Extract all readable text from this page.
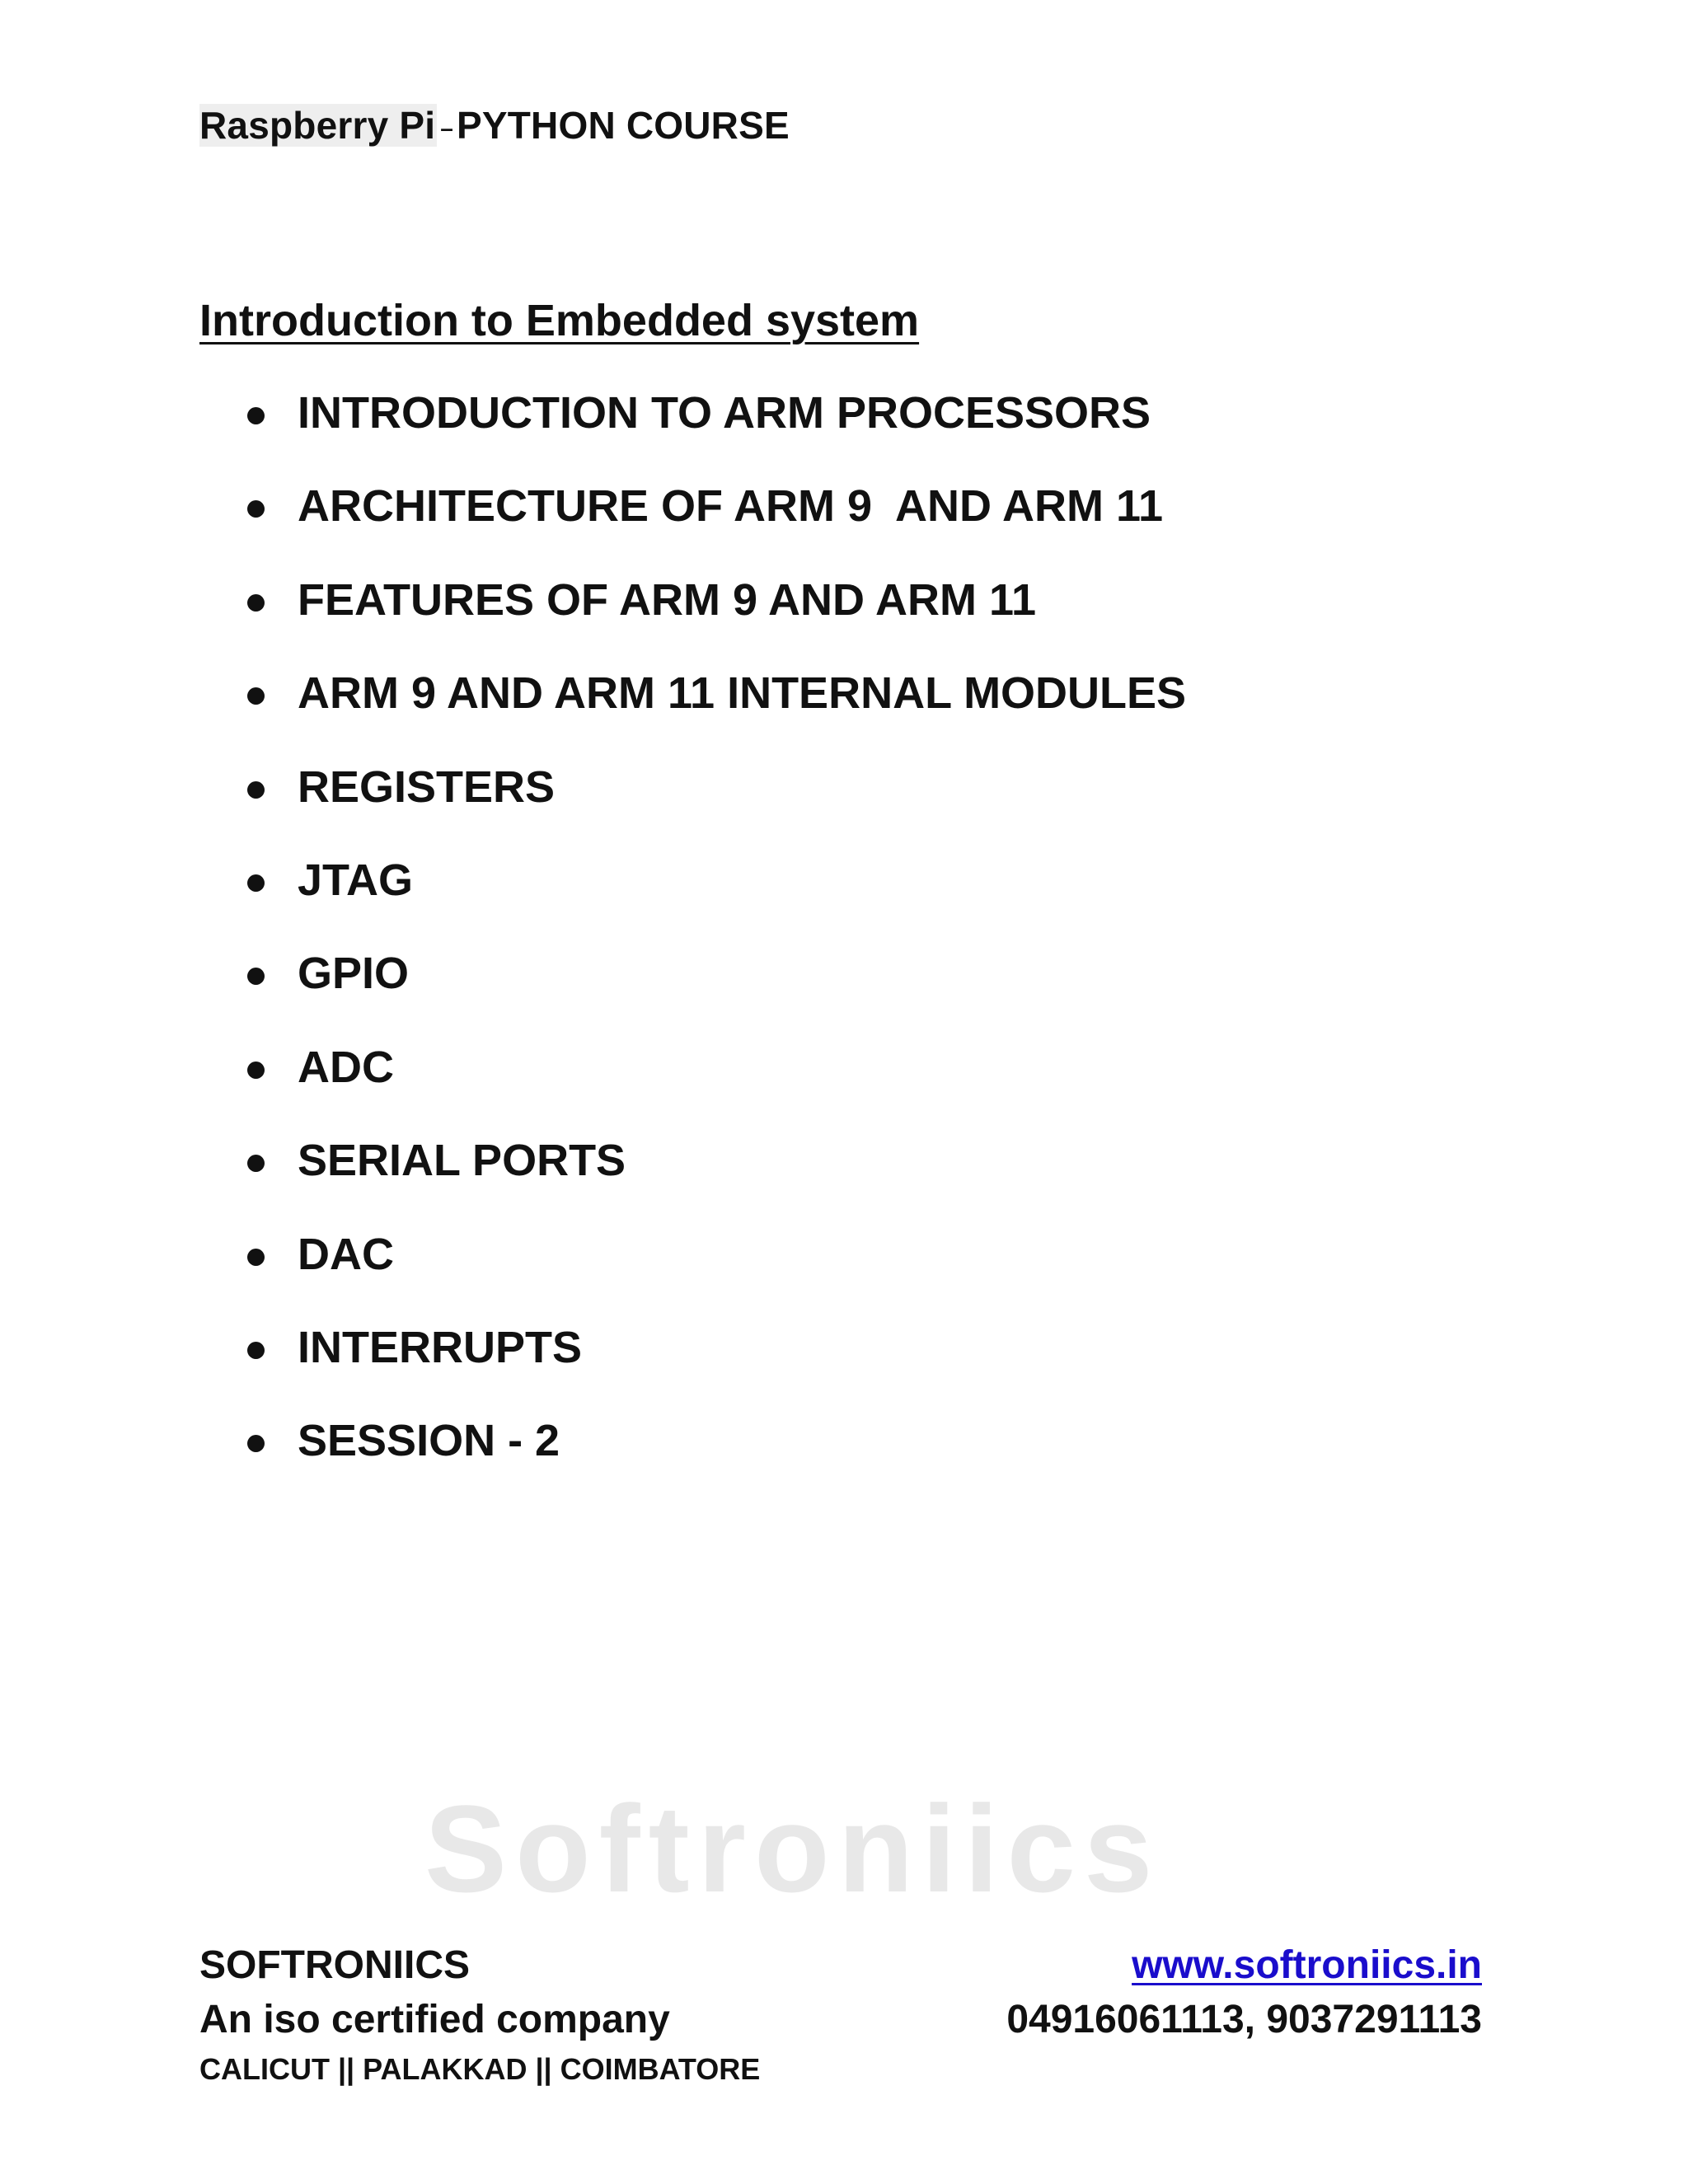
Raspberry Pi –PYTHON COURSE
Introduction to Embedded system
INTRODUCTION TO ARM PROCESSORS
ARCHITECTURE OF ARM 9  AND ARM 11
FEATURES OF ARM 9 AND ARM 11
ARM 9 AND ARM 11 INTERNAL MODULES
REGISTERS
JTAG
GPIO
ADC
SERIAL PORTS
DAC
INTERRUPTS
SESSION - 2
Softroniics
SOFTRONIICS
An iso certified company
CALICUT || PALAKKAD || COIMBATORE
www.softroniics.in
04916061113, 9037291113
